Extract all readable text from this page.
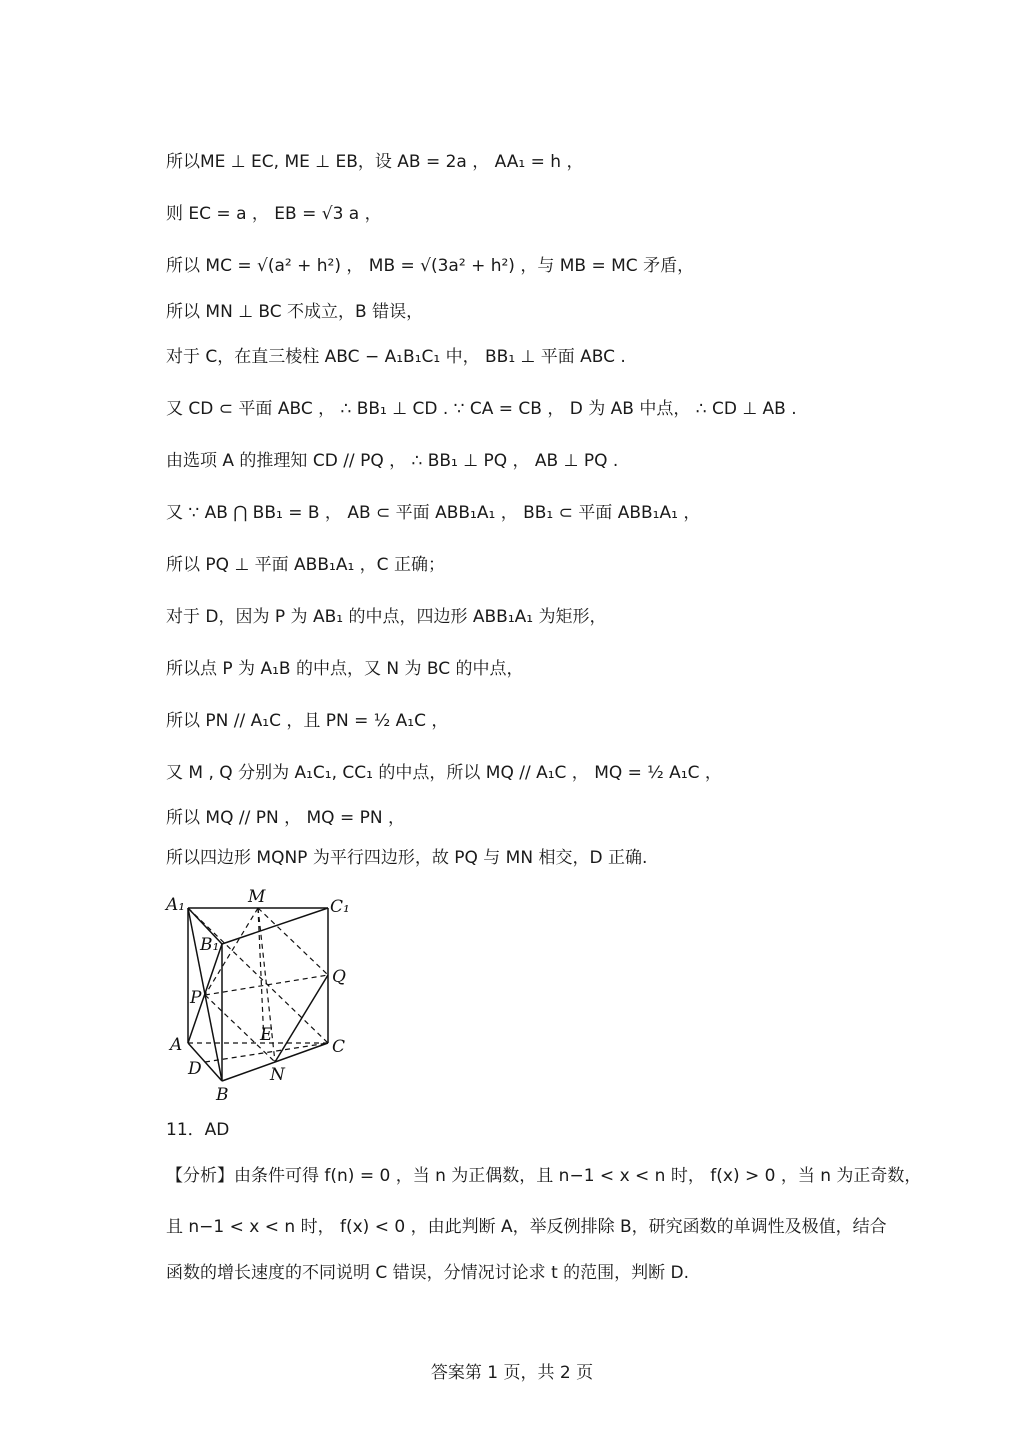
所以ME ⊥ EC, ME ⊥ EB，设 AB = 2a ， AA₁ = h ，
则 EC = a ， EB = √3 a ，
所以 MC = √(a² + h²) ， MB = √(3a² + h²) ，与 MB = MC 矛盾，
所以 MN ⊥ BC 不成立，B 错误，
对于 C，在直三棱柱 ABC − A₁B₁C₁ 中， BB₁ ⊥ 平面 ABC .
又 CD ⊂ 平面 ABC ， ∴ BB₁ ⊥ CD . ∵ CA = CB ， D 为 AB 中点， ∴ CD ⊥ AB .
由选项 A 的推理知 CD // PQ ， ∴ BB₁ ⊥ PQ ， AB ⊥ PQ .
又 ∵ AB ⋂ BB₁ = B ， AB ⊂ 平面 ABB₁A₁ ， BB₁ ⊂ 平面 ABB₁A₁ ，
所以 PQ ⊥ 平面 ABB₁A₁ ，C 正确；
对于 D，因为 P 为 AB₁ 的中点，四边形 ABB₁A₁ 为矩形，
所以点 P 为 A₁B 的中点，又 N 为 BC 的中点，
所以 PN // A₁C ，且 PN = ½ A₁C ，
又 M , Q 分别为 A₁C₁, CC₁ 的中点，所以 MQ // A₁C ， MQ = ½ A₁C ，
所以 MQ // PN ， MQ = PN ，
所以四边形 MQNP 为平行四边形，故 PQ 与 MN 相交，D 正确.
A₁	M	C₁
B₁
Q
P
E
A	C
D	N
B
11．AD
【分析】由条件可得 f(n) = 0 ，当 n 为正偶数，且 n−1 < x < n 时， f(x) > 0 ，当 n 为正奇数，
且 n−1 < x < n 时， f(x) < 0 ，由此判断 A，举反例排除 B，研究函数的单调性及极值，结合
函数的增长速度的不同说明 C 错误，分情况讨论求 t 的范围，判断 D.
答案第 1 页，共 2 页
